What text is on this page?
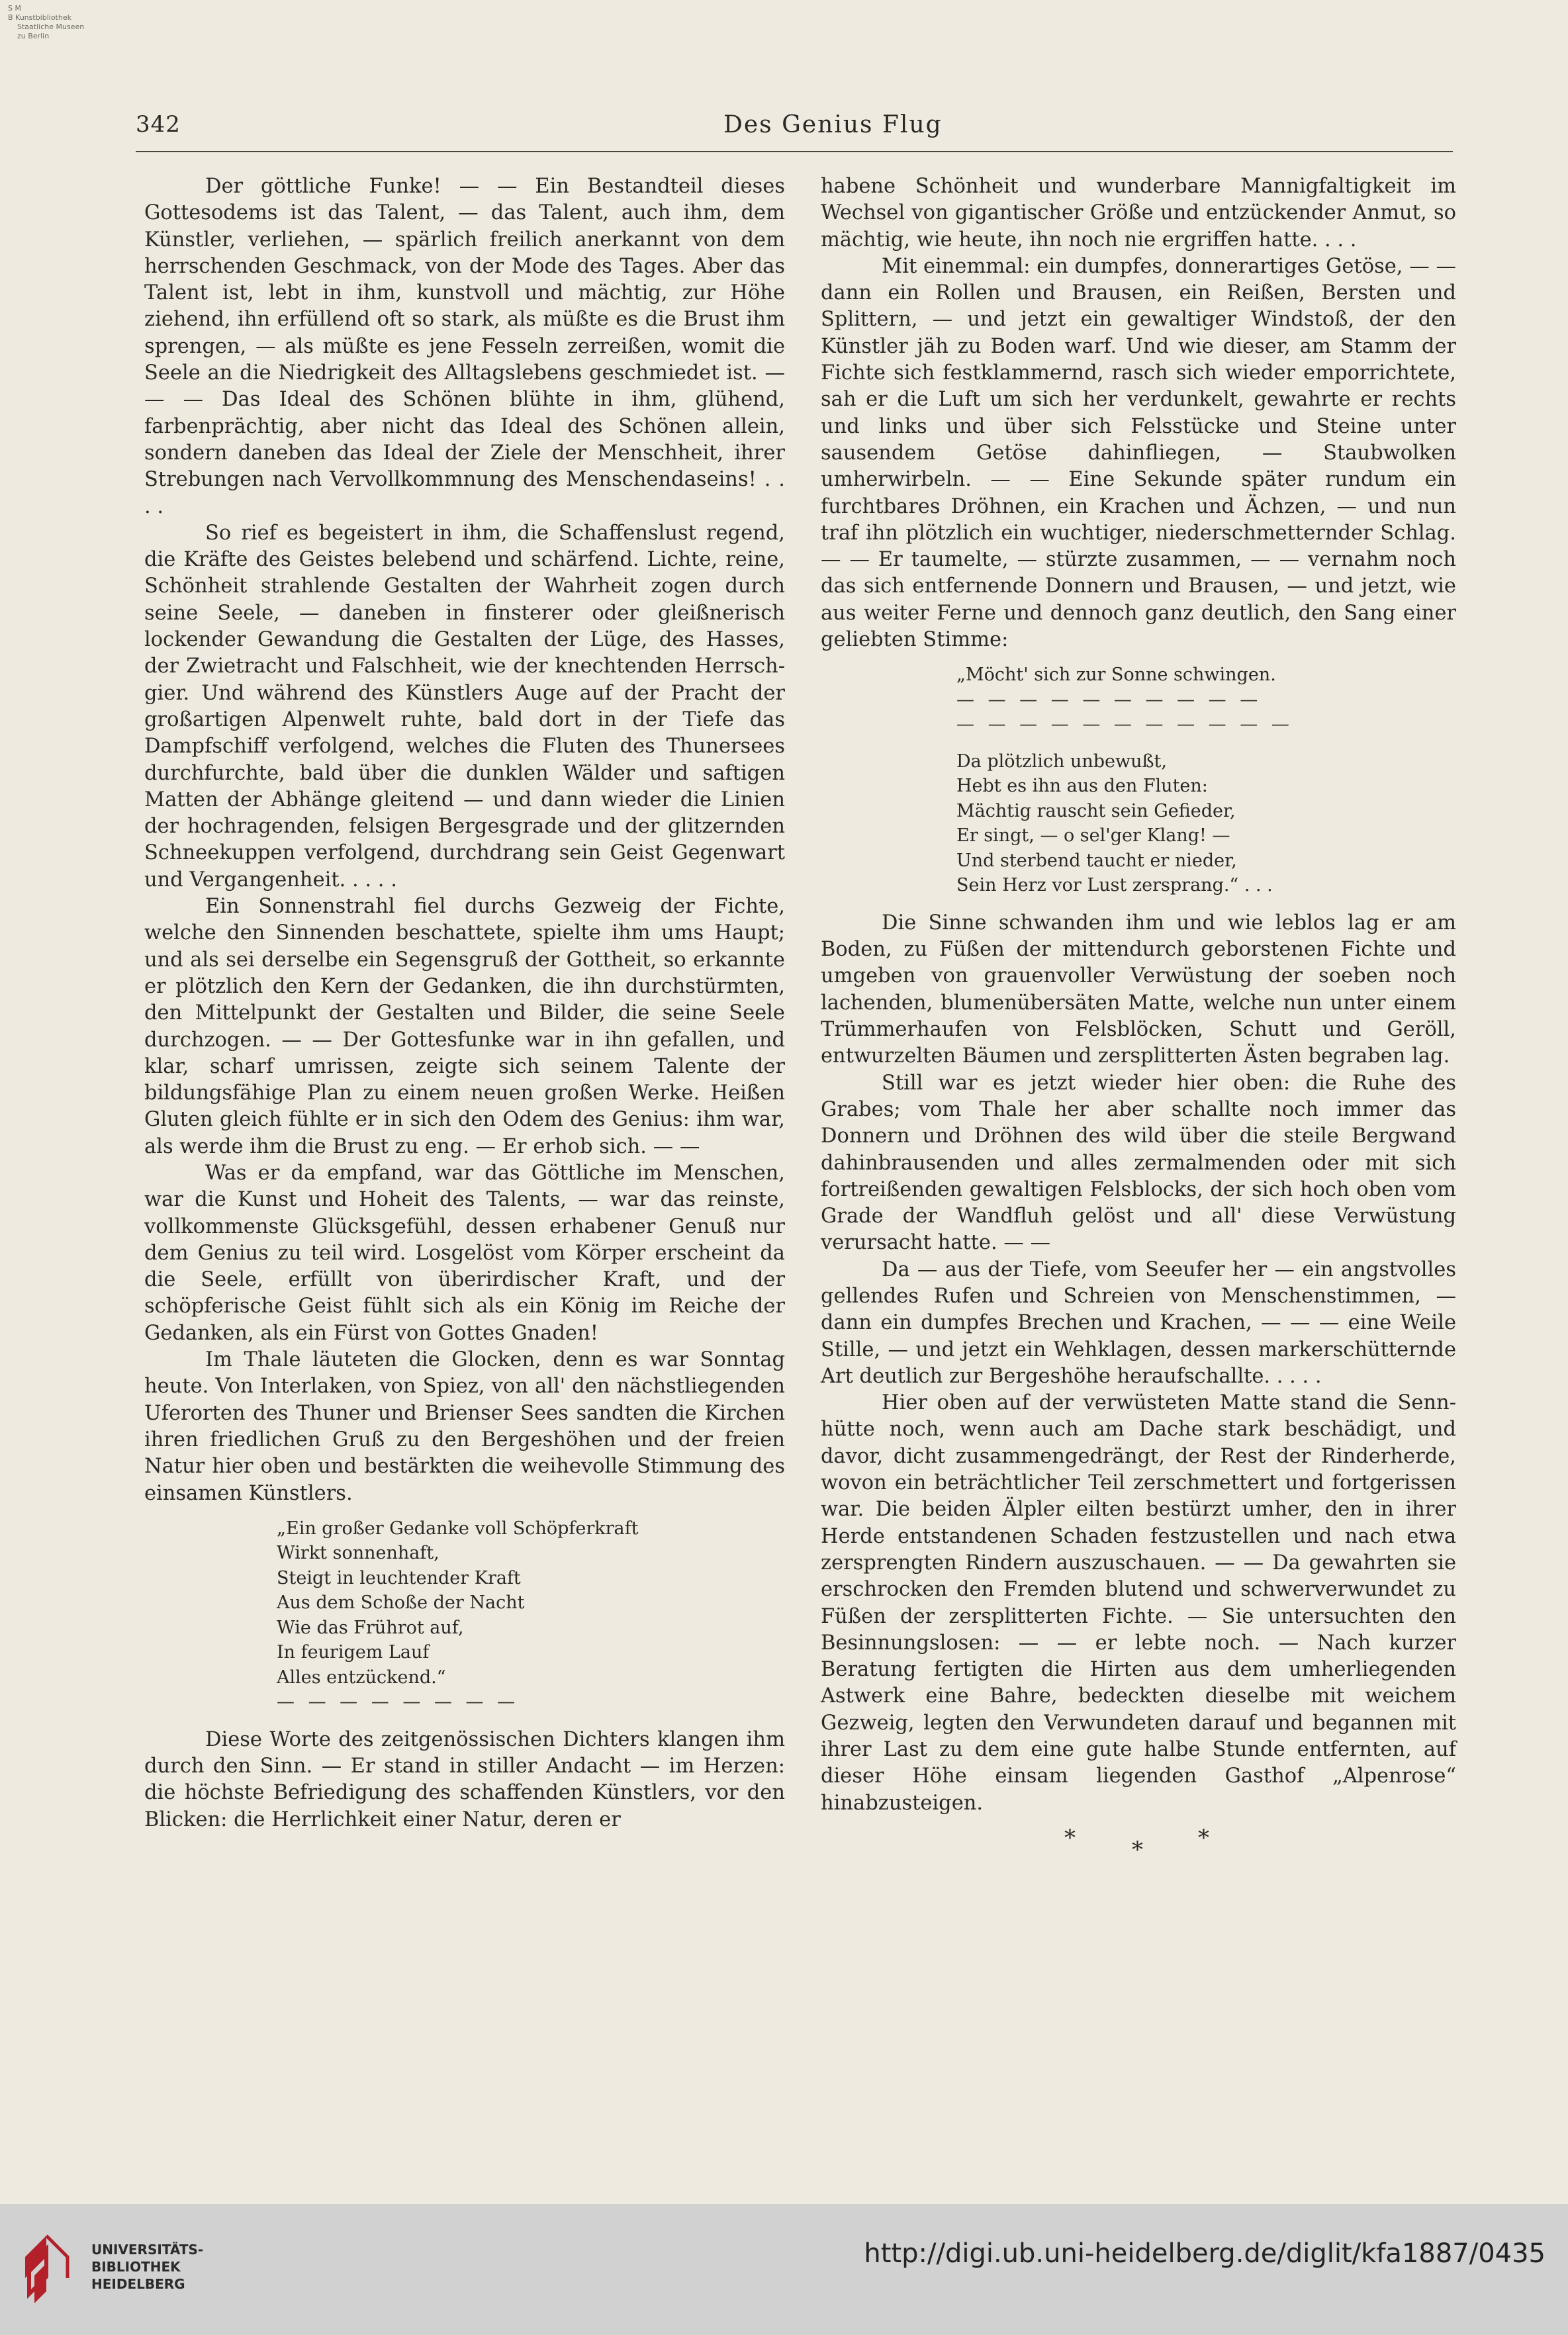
S M
B Kunstbibliothek
Staatliche Museen
zu Berlin
342	Des Genius Flug

Der göttliche Funke! — — Ein Bestandteil dieses Gottesodems ist das Talent, — das Talent, auch ihm, dem Künstler, verliehen, — spärlich freilich anerkannt von dem herrschenden Geschmack, von der Mode des Tages. Aber das Talent ist, lebt in ihm, kunstvoll und mächtig, zur Höhe ziehend, ihn erfüllend oft so stark, als müßte es die Brust ihm sprengen, — als müßte es jene Fesseln zerreißen, womit die Seele an die Niedrigkeit des Alltagslebens geschmiedet ist. — — — Das Ideal des Schönen blühte in ihm, glühend, farbenprächtig, aber nicht das Ideal des Schönen allein, sondern daneben das Ideal der Ziele der Menschheit, ihrer Strebungen nach Vervollkommnung des Menschendaseins! . . . .

So rief es begeistert in ihm, die Schaffenslust regend, die Kräfte des Geistes belebend und schärfend. Lichte, reine, Schönheit strahlende Gestalten der Wahrheit zogen durch seine Seele, — daneben in finsterer oder gleißnerisch lockender Gewandung die Gestalten der Lüge, des Hasses, der Zwietracht und Falschheit, wie der knechtenden Herrschgier. Und während des Künstlers Auge auf der Pracht der großartigen Alpenwelt ruhte, bald dort in der Tiefe das Dampfschiff verfolgend, welches die Fluten des Thunersees durchfurchte, bald über die dunklen Wälder und saftigen Matten der Abhänge gleitend — und dann wieder die Linien der hochragenden, felsigen Bergesgrade und der glitzernden Schneekuppen verfolgend, durchdrang sein Geist Gegenwart und Vergangenheit. . . . .

Ein Sonnenstrahl fiel durchs Gezweig der Fichte, welche den Sinnenden beschattete, spielte ihm ums Haupt; und als sei derselbe ein Segensgruß der Gottheit, so erkannte er plötzlich den Kern der Gedanken, die ihn durchstürmten, den Mittelpunkt der Gestalten und Bilder, die seine Seele durchzogen. — — Der Gottesfunke war in ihn gefallen, und klar, scharf umrissen, zeigte sich seinem Talente der bildungsfähige Plan zu einem neuen großen Werke. Heißen Gluten gleich fühlte er in sich den Odem des Genius: ihm war, als werde ihm die Brust zu eng. — Er erhob sich. — —

Was er da empfand, war das Göttliche im Menschen, war die Kunst und Hoheit des Talents, — war das reinste, vollkommenste Glücksgefühl, dessen erhabener Genuß nur dem Genius zu teil wird. Losgelöst vom Körper erscheint da die Seele, erfüllt von überirdischer Kraft, und der schöpferische Geist fühlt sich als ein König im Reiche der Gedanken, als ein Fürst von Gottes Gnaden!

Im Thale läuteten die Glocken, denn es war Sonntag heute. Von Interlaken, von Spiez, von all' den nächstliegenden Uferorten des Thuner und Brienser Sees sandten die Kirchen ihren friedlichen Gruß zu den Bergeshöhen und der freien Natur hier oben und bestärkten die weihevolle Stimmung des einsamen Künstlers.

„Ein großer Gedanke voll Schöpferkraft
Wirkt sonnenhaft,
Steigt in leuchtender Kraft
Aus dem Schoße der Nacht
Wie das Frührot auf,
In feurigem Lauf
Alles entzückend.“
— — — — — — — —

Diese Worte des zeitgenössischen Dichters klangen ihm durch den Sinn. — Er stand in stiller Andacht — im Herzen: die höchste Befriedigung des schaffenden Künstlers, vor den Blicken: die Herrlichkeit einer Natur, deren er

habene Schönheit und wunderbare Mannigfaltigkeit im Wechsel von gigantischer Größe und entzückender Anmut, so mächtig, wie heute, ihn noch nie ergriffen hatte. . . .

Mit einemmal: ein dumpfes, donnerartiges Getöse, — — dann ein Rollen und Brausen, ein Reißen, Bersten und Splittern, — und jetzt ein gewaltiger Windstoß, der den Künstler jäh zu Boden warf. Und wie dieser, am Stamm der Fichte sich festklammernd, rasch sich wieder emporrichtete, sah er die Luft um sich her verdunkelt, gewahrte er rechts und links und über sich Felsstücke und Steine unter sausendem Getöse dahinfliegen, — Staubwolken umherwirbeln. — — Eine Sekunde später rundum ein furchtbares Dröhnen, ein Krachen und Ächzen, — und nun traf ihn plötzlich ein wuchtiger, niederschmetternder Schlag. — — Er taumelte, — stürzte zusammen, — — vernahm noch das sich entfernende Donnern und Brausen, — und jetzt, wie aus weiter Ferne und dennoch ganz deutlich, den Sang einer geliebten Stimme:

„Möcht' sich zur Sonne schwingen.
— — — — — — — — — —
— — — — — — — — — — —
Da plötzlich unbewußt,
Hebt es ihn aus den Fluten:
Mächtig rauscht sein Gefieder,
Er singt, — o sel'ger Klang! —
Und sterbend taucht er nieder,
Sein Herz vor Lust zersprang.“ . . .

Die Sinne schwanden ihm und wie leblos lag er am Boden, zu Füßen der mittendurch geborstenen Fichte und umgeben von grauenvoller Verwüstung der soeben noch lachenden, blumenübersäten Matte, welche nun unter einem Trümmerhaufen von Felsblöcken, Schutt und Geröll, entwurzelten Bäumen und zersplitterten Ästen begraben lag.

Still war es jetzt wieder hier oben: die Ruhe des Grabes; vom Thale her aber schallte noch immer das Donnern und Dröhnen des wild über die steile Bergwand dahinbrausenden und alles zermalmenden oder mit sich fortreißenden gewaltigen Felsblocks, der sich hoch oben vom Grade der Wandfluh gelöst und all' diese Verwüstung verursacht hatte. — —

Da — aus der Tiefe, vom Seeufer her — ein angstvolles gellendes Rufen und Schreien von Menschenstimmen, — dann ein dumpfes Brechen und Krachen, — — — eine Weile Stille, — und jetzt ein Wehklagen, dessen markerschütternde Art deutlich zur Bergeshöhe heraufschallte. . . . .

Hier oben auf der verwüsteten Matte stand die Sennhütte noch, wenn auch am Dache stark beschädigt, und davor, dicht zusammengedrängt, der Rest der Rinderherde, wovon ein beträchtlicher Teil zerschmettert und fortgerissen war. Die beiden Älpler eilten bestürzt umher, den in ihrer Herde entstandenen Schaden festzustellen und nach etwa zersprengten Rindern auszuschauen. — — Da gewahrten sie erschrocken den Fremden blutend und schwerverwundet zu Füßen der zersplitterten Fichte. — Sie untersuchten den Besinnungslosen: — — er lebte noch. — Nach kurzer Beratung fertigten die Hirten aus dem umherliegenden Astwerk eine Bahre, bedeckten dieselbe mit weichem Gezweig, legten den Verwundeten darauf und begannen mit ihrer Last zu dem eine gute halbe Stunde entfernten, auf dieser Höhe einsam liegenden Gasthof „Alpenrose“ hinabzusteigen.

*	* *
UNIVERSITÄTS-
BIBLIOTHEK
HEIDELBERG
http://digi.ub.uni-heidelberg.de/diglit/kfa1887/0435
